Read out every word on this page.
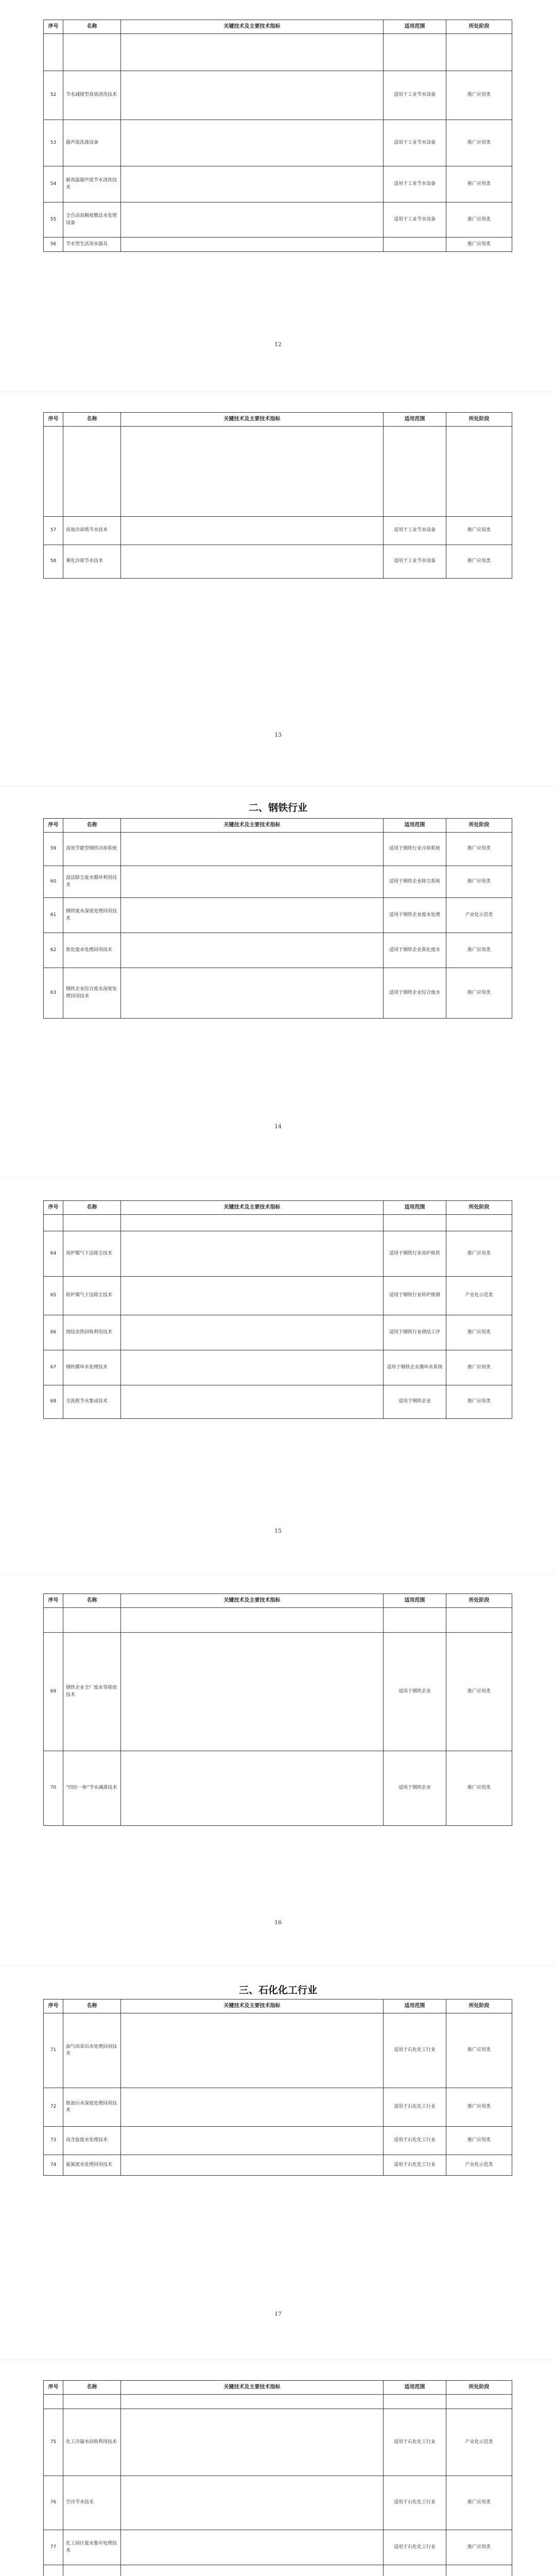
序号	名称	关键技术及主要技术指标	适用范围	所处阶段

52	节水减排型高效清洗技术		适用于工业节水设备	推广应用类
53	超声波洗涤设备		适用于工业节水设备	推广应用类
54	耐高温超声波节水清洗技术		适用于工业节水设备	推广应用类
55	全自动高精度膜法水处理设备		适用于工业节水设备	推广应用类
56	节水型生活用水器具			推广应用类
12
序号	名称	关键技术及主要技术指标	适用范围	所处阶段

57	高效冷却塔节水技术		适用于工业节水设备	推广应用类
58	雾化冷却节水技术		适用于工业节水设备	推广应用类
13
二、钢铁行业
序号	名称	关键技术及主要技术指标	适用范围	所处阶段
59	高效节能型钢铁冷却系统		适用于钢铁行业冷却系统	推广应用类
60	湿法除尘废水循环利用技术		适用于钢铁企业除尘系统	推广应用类
61	钢铁废水深度处理回用技术		适用于钢铁企业废水处理	产业化示范类
62	焦化废水处理回用技术		适用于钢铁企业焦化废水	推广应用类
63	钢铁企业综合废水深度处理回用技术		适用于钢铁企业综合废水	推广应用类
14
序号	名称	关键技术及主要技术指标	适用范围	所处阶段

64	高炉煤气干法除尘技术		适用于钢铁行业高炉炼铁	推广应用类
65	转炉煤气干法除尘技术		适用于钢铁行业转炉炼钢	产业化示范类
66	烧结余热回收利用技术		适用于钢铁行业烧结工序	推广应用类
67	钢铁循环水处理技术		适用于钢铁企业循环水系统	推广应用类
68	全流程节水集成技术		适用于钢铁企业	推广应用类
15
序号	名称	关键技术及主要技术指标	适用范围	所处阶段

69	钢铁企业全厂废水零排放技术		适用于钢铁企业	推广应用类
70	“四位一体”节水减排技术		适用于钢铁企业	推广应用类
16
三、石化化工行业
序号	名称	关键技术及主要技术指标	适用范围	所处阶段
71	油气田采出水处理回用技术		适用于石化化工行业	推广应用类
72	炼油污水深度处理回用技术		适用于石化化工行业	推广应用类
73	高含盐废水处理技术		适用于石化化工行业	推广应用类
74	氨氮废水处理回用技术		适用于石化化工行业	产业化示范类
17
序号	名称	关键技术及主要技术指标	适用范围	所处阶段

75	化工冷凝水回收利用技术		适用于石化化工行业	产业化示范类
76	空冷节水技术		适用于石化化工行业	推广应用类
77	化工园区废水集中处理技术		适用于石化化工行业	推广应用类
